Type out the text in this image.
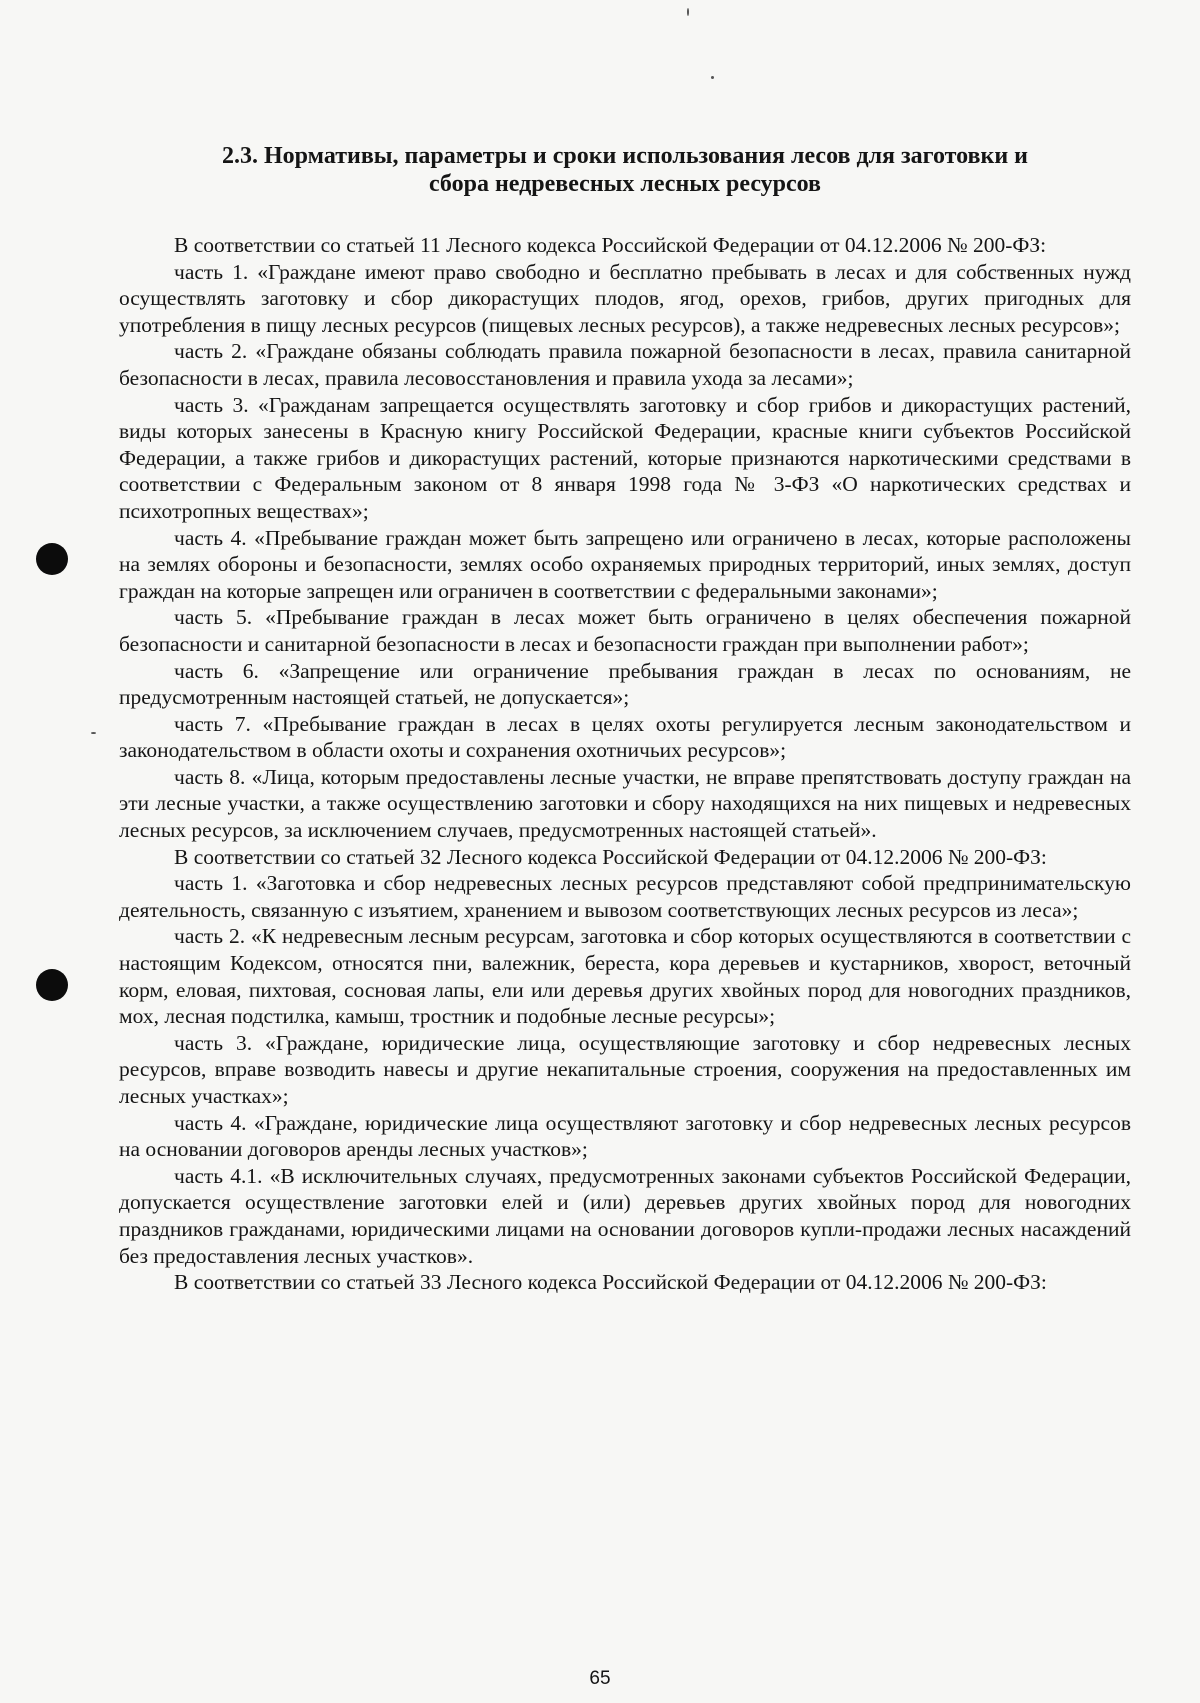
2.3. Нормативы, параметры и сроки использования лесов для заготовки и
сбора недревесных лесных ресурсов

В соответствии со статьей 11 Лесного кодекса Российской Федерации от 04.12.2006 № 200-ФЗ:

часть 1. «Граждане имеют право свободно и бесплатно пребывать в лесах и для собственных нужд осуществлять заготовку и сбор дикорастущих плодов, ягод, орехов, грибов, других пригодных для употребления в пищу лесных ресурсов (пищевых лесных ресурсов), а также недревесных лесных ресурсов»;

часть 2. «Граждане обязаны соблюдать правила пожарной безопасности в лесах, правила санитарной безопасности в лесах, правила лесовосстановления и правила ухода за лесами»;

часть 3. «Гражданам запрещается осуществлять заготовку и сбор грибов и дикорастущих растений, виды которых занесены в Красную книгу Российской Федерации, красные книги субъектов Российской Федерации, а также грибов и дикорастущих растений, которые признаются наркотическими средствами в соответствии с Федеральным законом от 8 января 1998 года № 3-ФЗ «О наркотических средствах и психотропных веществах»;

часть 4. «Пребывание граждан может быть запрещено или ограничено в лесах, которые расположены на землях обороны и безопасности, землях особо охраняемых природных территорий, иных землях, доступ граждан на которые запрещен или ограничен в соответствии с федеральными законами»;

часть 5. «Пребывание граждан в лесах может быть ограничено в целях обеспечения пожарной безопасности и санитарной безопасности в лесах и безопасности граждан при выполнении работ»;

часть 6. «Запрещение или ограничение пребывания граждан в лесах по основаниям, не предусмотренным настоящей статьей, не допускается»;

часть 7. «Пребывание граждан в лесах в целях охоты регулируется лесным законодательством и законодательством в области охоты и сохранения охотничьих ресурсов»;

часть 8. «Лица, которым предоставлены лесные участки, не вправе препятствовать доступу граждан на эти лесные участки, а также осуществлению заготовки и сбору находящихся на них пищевых и недревесных лесных ресурсов, за исключением случаев, предусмотренных настоящей статьей».

В соответствии со статьей 32 Лесного кодекса Российской Федерации от 04.12.2006 № 200-ФЗ:

часть 1. «Заготовка и сбор недревесных лесных ресурсов представляют собой предпринимательскую деятельность, связанную с изъятием, хранением и вывозом соответствующих лесных ресурсов из леса»;

часть 2. «К недревесным лесным ресурсам, заготовка и сбор которых осуществляются в соответствии с настоящим Кодексом, относятся пни, валежник, береста, кора деревьев и кустарников, хворост, веточный корм, еловая, пихтовая, сосновая лапы, ели или деревья других хвойных пород для новогодних праздников, мох, лесная подстилка, камыш, тростник и подобные лесные ресурсы»;

часть 3. «Граждане, юридические лица, осуществляющие заготовку и сбор недревесных лесных ресурсов, вправе возводить навесы и другие некапитальные строения, сооружения на предоставленных им лесных участках»;

часть 4. «Граждане, юридические лица осуществляют заготовку и сбор недревесных лесных ресурсов на основании договоров аренды лесных участков»;

часть 4.1. «В исключительных случаях, предусмотренных законами субъектов Российской Федерации, допускается осуществление заготовки елей и (или) деревьев других хвойных пород для новогодних праздников гражданами, юридическими лицами на основании договоров купли-продажи лесных насаждений без предоставления лесных участков».

В соответствии со статьей 33 Лесного кодекса Российской Федерации от 04.12.2006 № 200-ФЗ:

65
